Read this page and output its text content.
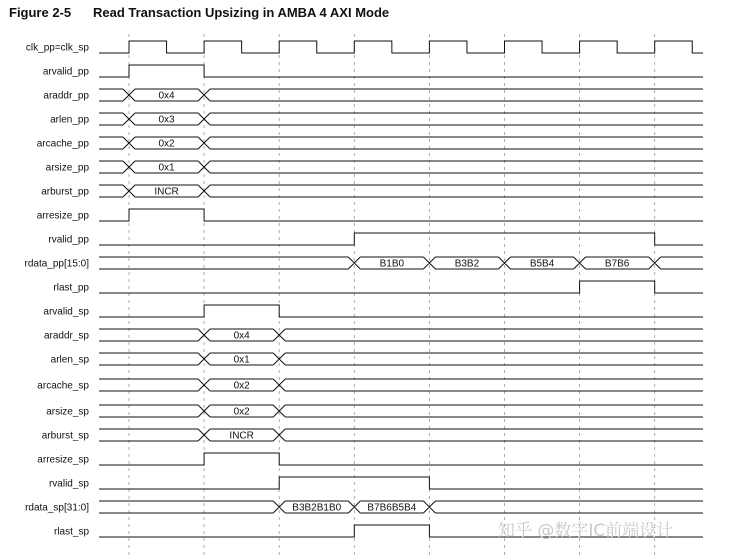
Figure 2-5 Read Transaction Upsizing in AMBA 4 AXI Mode
clk_pp=clk_sp
arvalid_pp
araddr_pp	0x4
arlen_pp	0x3
arcache_pp	0x2
arsize_pp	0x1
arburst_pp	INCR
arresize_pp
rvalid_pp
rdata_pp[15:0]	B1B0	B3B2	B5B4	B7B6
rlast_pp
arvalid_sp
araddr_sp	0x4
arlen_sp	0x1
arcache_sp	0x2
arsize_sp	0x2
arburst_sp	INCR
arresize_sp
rvalid_sp
rdata_sp[31:0]	B3B2B1B0	B7B6B5B4
rlast_sp	知乎 @数字IC前端设计
